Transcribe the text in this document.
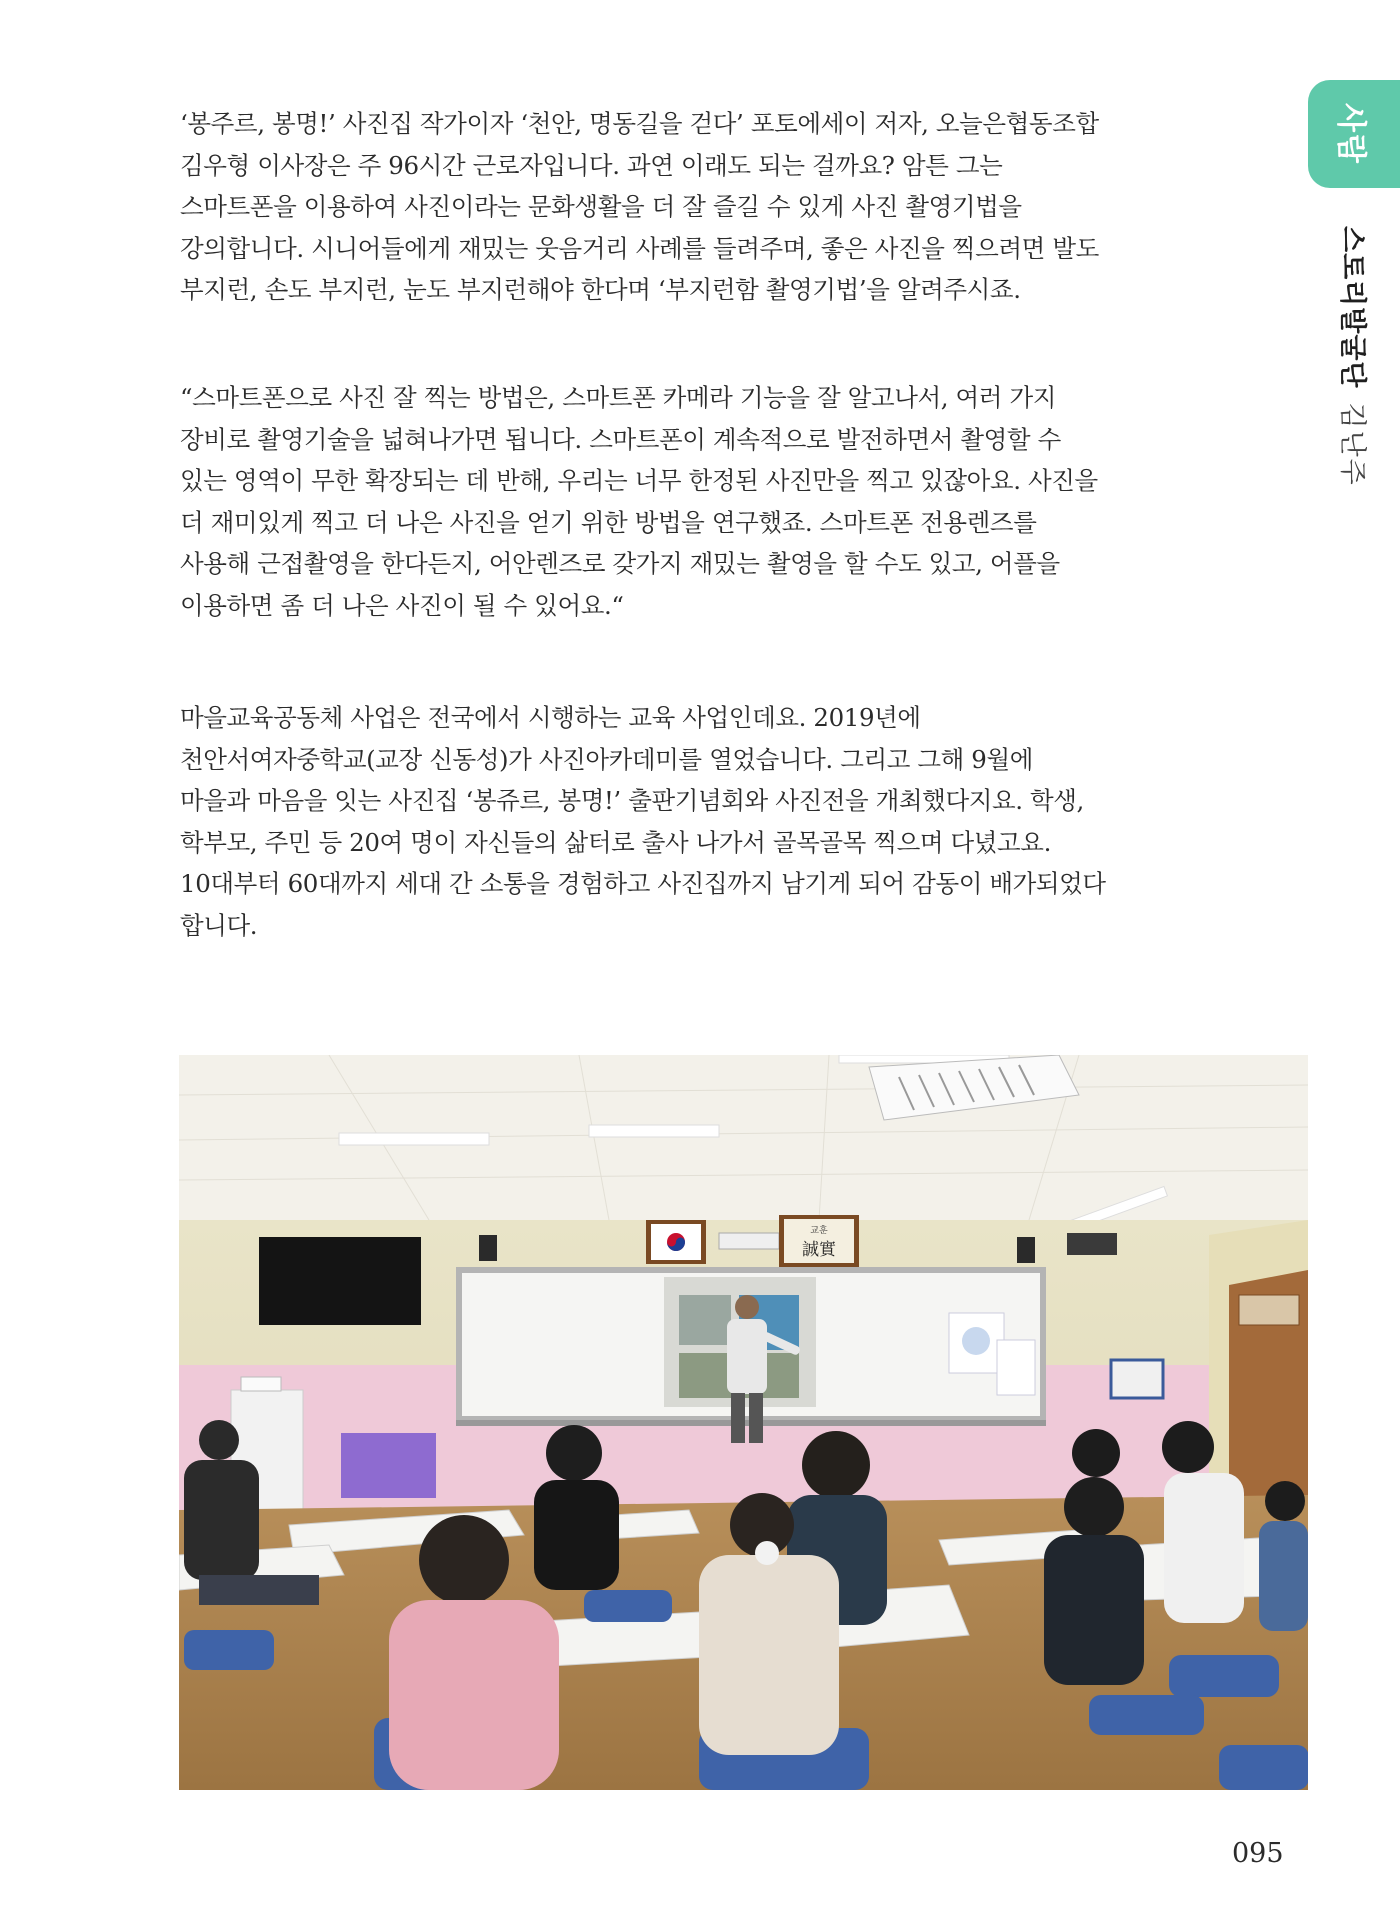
‘봉주르, 봉명!’ 사진집 작가이자 ‘천안, 명동길을 걷다’ 포토에세이 저자, 오늘은협동조합
김우형 이사장은 주 96시간 근로자입니다. 과연 이래도 되는 걸까요? 암튼 그는
스마트폰을 이용하여 사진이라는 문화생활을 더 잘 즐길 수 있게 사진 촬영기법을
강의합니다. 시니어들에게 재밌는 웃음거리 사례를 들려주며, 좋은 사진을 찍으려면 발도
부지런, 손도 부지런, 눈도 부지런해야 한다며 ‘부지런함 촬영기법’을 알려주시죠.
“스마트폰으로 사진 잘 찍는 방법은, 스마트폰 카메라 기능을 잘 알고나서, 여러 가지
장비로 촬영기술을 넓혀나가면 됩니다. 스마트폰이 계속적으로 발전하면서 촬영할 수
있는 영역이 무한 확장되는 데 반해, 우리는 너무 한정된 사진만을 찍고 있잖아요. 사진을
더 재미있게 찍고 더 나은 사진을 얻기 위한 방법을 연구했죠. 스마트폰 전용렌즈를
사용해 근접촬영을 한다든지, 어안렌즈로 갖가지 재밌는 촬영을 할 수도 있고, 어플을
이용하면 좀 더 나은 사진이 될 수 있어요.“
마을교육공동체 사업은 전국에서 시행하는 교육 사업인데요. 2019년에
천안서여자중학교(교장 신동성)가 사진아카데미를 열었습니다. 그리고 그해 9월에
마을과 마음을 잇는 사진집 ‘봉쥬르, 봉명!’ 출판기념회와 사진전을 개최했다지요. 학생,
학부모, 주민 등 20여 명이 자신들의 삶터로 출사 나가서 골목골목 찍으며 다녔고요.
10대부터 60대까지 세대 간 소통을 경험하고 사진집까지 남기게 되어 감동이 배가되었다
합니다.
사람
스토리발굴단김난주
교훈
誠實
095
